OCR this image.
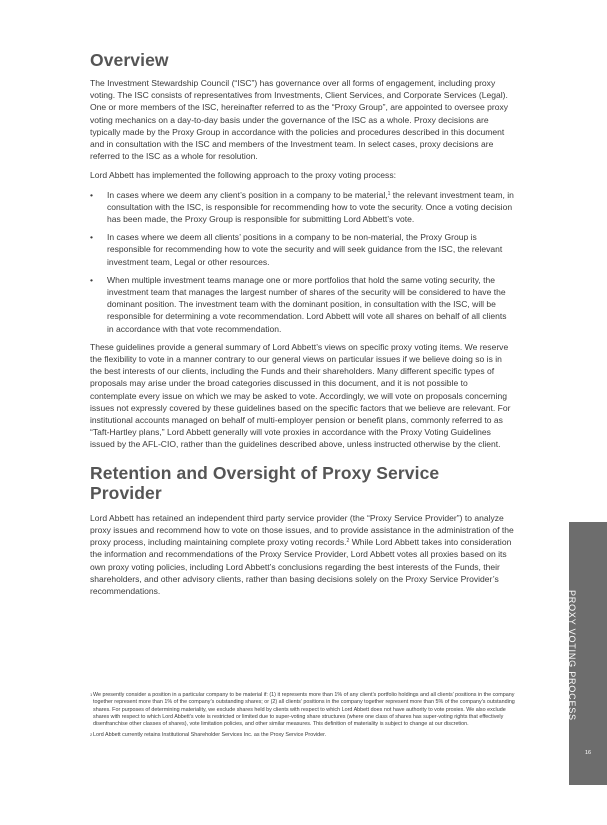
Overview

The Investment Stewardship Council (“ISC”) has governance over all forms of engagement, including proxy voting. The ISC consists of representatives from Investments, Client Services, and Corporate Services (Legal). One or more members of the ISC, hereinafter referred to as the “Proxy Group”, are appointed to oversee proxy voting mechanics on a day-to-day basis under the governance of the ISC as a whole. Proxy decisions are typically made by the Proxy Group in accordance with the policies and procedures described in this document and in consultation with the ISC and members of the Investment team. In select cases, proxy decisions are referred to the ISC as a whole for resolution.

Lord Abbett has implemented the following approach to the proxy voting process:

• In cases where we deem any client’s position in a company to be material,$^1$ the relevant investment team, in consultation with the ISC, is responsible for recommending how to vote the security. Once a voting decision has been made, the Proxy Group is responsible for submitting Lord Abbett’s vote.
• In cases where we deem all clients’ positions in a company to be non-material, the Proxy Group is responsible for recommending how to vote the security and will seek guidance from the ISC, the relevant investment team, Legal or other resources.
• When multiple investment teams manage one or more portfolios that hold the same voting security, the investment team that manages the largest number of shares of the security will be considered to have the dominant position. The investment team with the dominant position, in consultation with the ISC, will be responsible for determining a vote recommendation. Lord Abbett will vote all shares on behalf of all clients in accordance with that vote recommendation.

These guidelines provide a general summary of Lord Abbett’s views on specific proxy voting items. We reserve the flexibility to vote in a manner contrary to our general views on particular issues if we believe doing so is in the best interests of our clients, including the Funds and their shareholders. Many different specific types of proposals may arise under the broad categories discussed in this document, and it is not possible to contemplate every issue on which we may be asked to vote. Accordingly, we will vote on proposals concerning issues not expressly covered by these guidelines based on the specific factors that we believe are relevant. For institutional accounts managed on behalf of multi-employer pension or benefit plans, commonly referred to as “Taft-Hartley plans,” Lord Abbett generally will vote proxies in accordance with the Proxy Voting Guidelines issued by the AFL-CIO, rather than the guidelines described above, unless instructed otherwise by the client.

Retention and Oversight of Proxy Service Provider

Lord Abbett has retained an independent third party service provider (the “Proxy Service Provider”) to analyze proxy issues and recommend how to vote on those issues, and to provide assistance in the administration of the proxy process, including maintaining complete proxy voting records.$^2$ While Lord Abbett takes into consideration the information and recommendations of the Proxy Service Provider, Lord Abbett votes all proxies based on its own proxy voting policies, including Lord Abbett’s conclusions regarding the best interests of the Funds, their shareholders, and other advisory clients, rather than basing decisions solely on the Proxy Service Provider’s recommendations.

1 We presently consider a position in a particular company to be material if: (1) it represents more than 1% of any client’s portfolio holdings and all clients’ positions in the company together represent more than 1% of the company’s outstanding shares; or (2) all clients’ positions in the company together represent more than 5% of the company’s outstanding shares. For purposes of determining materiality, we exclude shares held by clients with respect to which Lord Abbett does not have authority to vote proxies. We also exclude shares with respect to which Lord Abbett’s vote is restricted or limited due to super-voting share structures (where one class of shares has super-voting rights that effectively disenfranchise other classes of shares), vote limitation policies, and other similar measures. This definition of materiality is subject to change at our discretion.
2 Lord Abbett currently retains Institutional Shareholder Services Inc. as the Proxy Service Provider.
PROXY VOTING PROCESS
16
